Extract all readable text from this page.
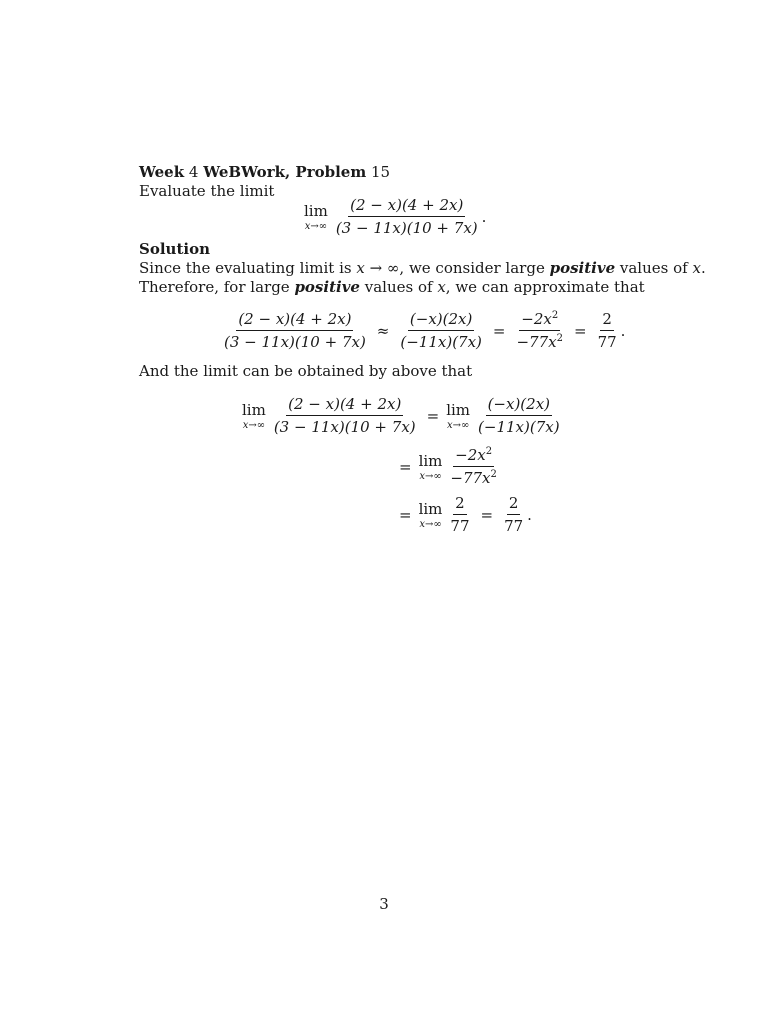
Week 4 WeBWork, Problem 15
Evaluate the limit
lim
$x\to\infty \frac{(2 - x)(4 + 2x)}{(3 - 11x)(10 + 7x)}$ .
Solution
Since the evaluating limit is x → ∞, we consider large positive values of x.
Therefore, for large positive values of x, we can approximate that
$\frac{(2 - x)(4 + 2x)}{(3 - 11x)(10 + 7x)} \approx \frac{(-x)(2x)}{(-11x)(7x)} = \frac{-2x^2}{-77x^2} = \frac{2}{77}$ .
And the limit can be obtained by above that
lim
$x\to\infty \frac{(2 - x)(4 + 2x)}{(3 - 11x)(10 + 7x)} = \lim$
$x\to\infty \frac{(-x)(2x)}{(-11x)(7x)}$
= lim
$x\to\infty \frac{-2x^2}{-77x^2}$
= lim
$x\to\infty \frac{2}{77} = \frac{2}{77}$ .
3
